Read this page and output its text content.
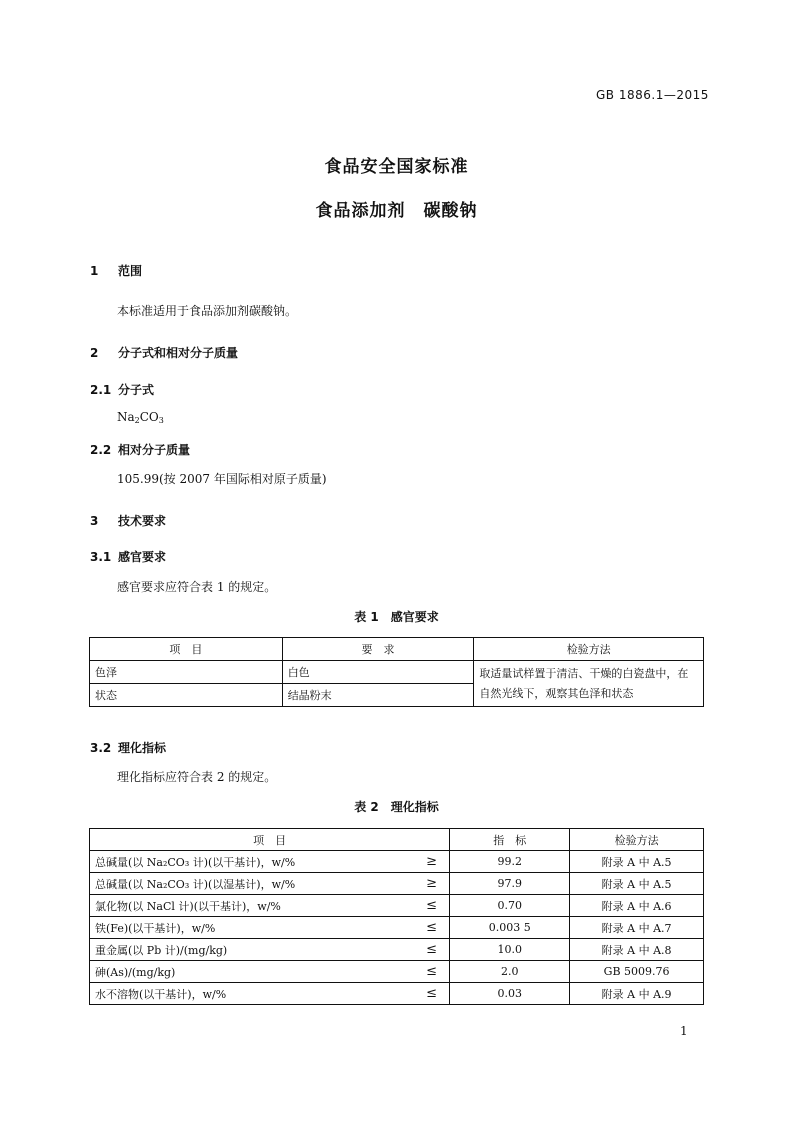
GB 1886.1—2015
食品安全国家标准
食品添加剂　碳酸钠
1 范围
本标准适用于食品添加剂碳酸钠。
2 分子式和相对分子质量
2.1 分子式
$Na_2CO_3$
2.2 相对分子质量
105.99(按 2007 年国际相对原子质量)
3 技术要求
3.1 感官要求
感官要求应符合表 1 的规定。
表 1　感官要求
项　目	要　求	检验方法
色泽	白色	取适量试样置于清洁、干燥的白瓷盘中，在自然光线下，观察其色泽和状态
状态	结晶粉末	
3.2 理化指标
理化指标应符合表 2 的规定。
表 2　理化指标
项　目		指　标	检验方法
总碱量(以 Na₂CO₃ 计)(以干基计)，w/%	≥	99.2	附录 A 中 A.5
总碱量(以 Na₂CO₃ 计)(以湿基计)，w/%	≥	97.9	附录 A 中 A.5
氯化物(以 NaCl 计)(以干基计)，w/%	≤	0.70	附录 A 中 A.6
铁(Fe)(以干基计)，w/%	≤	0.003 5	附录 A 中 A.7
重金属(以 Pb 计)/(mg/kg)	≤	10.0	附录 A 中 A.8
砷(As)/(mg/kg)	≤	2.0	GB 5009.76
水不溶物(以干基计)，w/%	≤	0.03	附录 A 中 A.9
1
